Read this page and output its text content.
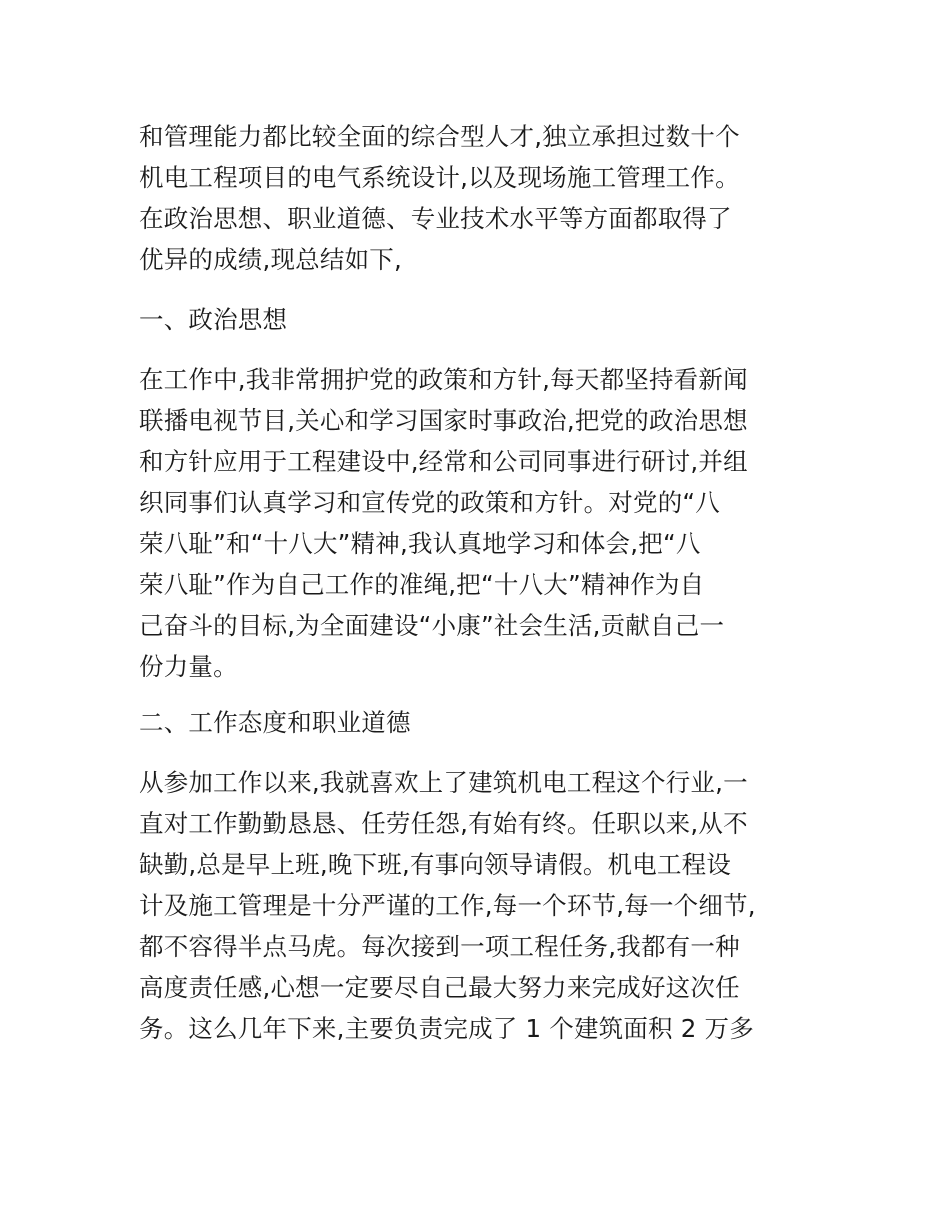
和管理能力都比较全面的综合型人才,独立承担过数十个
机电工程项目的电气系统设计,以及现场施工管理工作。
在政治思想、职业道德、专业技术水平等方面都取得了
优异的成绩,现总结如下,
一、政治思想
在工作中,我非常拥护党的政策和方针,每天都坚持看新闻
联播电视节目,关心和学习国家时事政治,把党的政治思想
和方针应用于工程建设中,经常和公司同事进行研讨,并组
织同事们认真学习和宣传党的政策和方针。对党的“八
荣八耻”和“十八大”精神,我认真地学习和体会,把“八
荣八耻”作为自己工作的准绳,把“十八大”精神作为自
己奋斗的目标,为全面建设“小康”社会生活,贡献自己一
份力量。
二、工作态度和职业道德
从参加工作以来,我就喜欢上了建筑机电工程这个行业,一
直对工作勤勤恳恳、任劳任怨,有始有终。任职以来,从不
缺勤,总是早上班,晚下班,有事向领导请假。机电工程设
计及施工管理是十分严谨的工作,每一个环节,每一个细节,
都不容得半点马虎。每次接到一项工程任务,我都有一种
高度责任感,心想一定要尽自己最大努力来完成好这次任
务。这么几年下来,主要负责完成了 1 个建筑面积 2 万多
